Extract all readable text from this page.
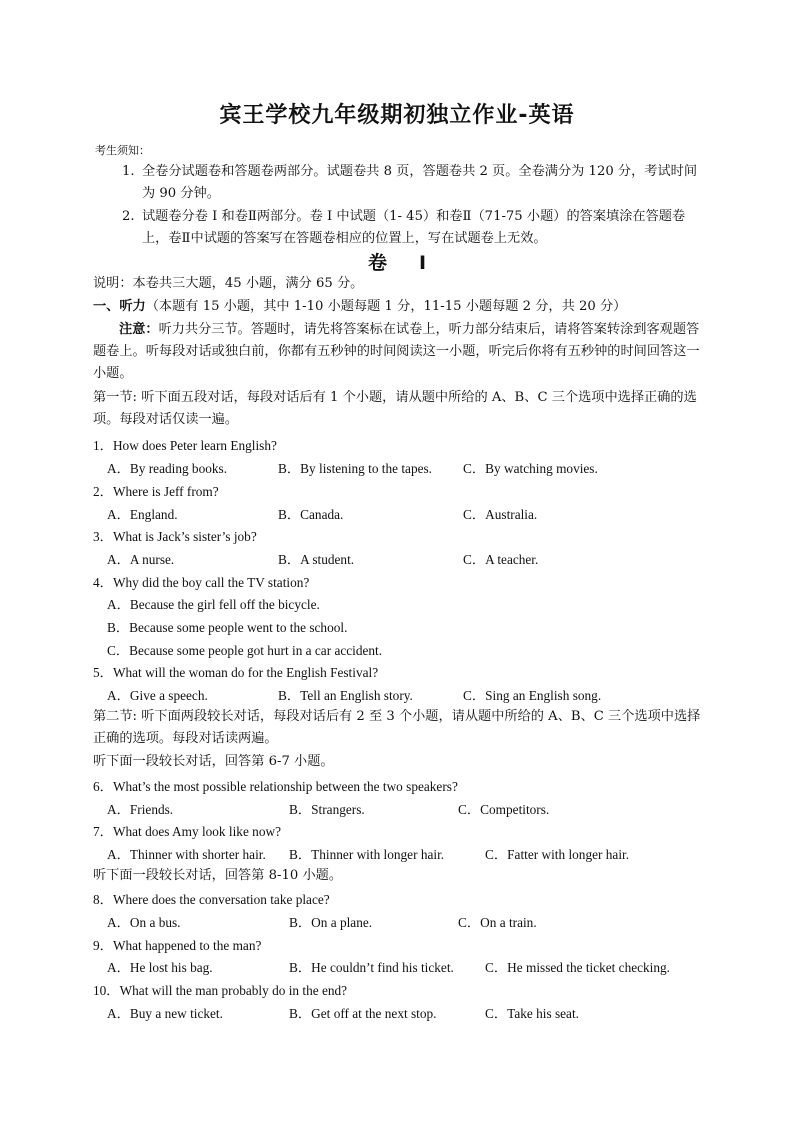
宾王学校九年级期初独立作业-英语
考生须知：
1. 全卷分试题卷和答题卷两部分。试题卷共 8 页，答题卷共 2 页。全卷满分为 120 分，考试时间为 90 分钟。
2. 试题卷分卷 I 和卷Ⅱ两部分。卷 I 中试题（1- 45）和卷Ⅱ（71-75 小题）的答案填涂在答题卷上，卷Ⅱ中试题的答案写在答题卷相应的位置上，写在试题卷上无效。
卷 I
说明：本卷共三大题，45 小题，满分 65 分。
一、听力（本题有 15 小题，其中 1-10 小题每题 1 分，11-15 小题每题 2 分，共 20 分）
注意：听力共分三节。答题时，请先将答案标在试卷上，听力部分结束后，请将答案转涂到客观题答题卷上。听每段对话或独白前，你都有五秒钟的时间阅读这一小题，听完后你将有五秒钟的时间回答这一小题。
第一节: 听下面五段对话，每段对话后有 1 个小题，请从题中所给的 A、B、C 三个选项中选择正确的选项。每段对话仅读一遍。
1．How does Peter learn English?
A．By reading books.	B．By listening to the tapes. C．By watching movies.
2．Where is Jeff from?
A．England.	B．Canada.	C．Australia.
3．What is Jack’s sister’s job?
A．A nurse.	B．A student.	C．A teacher.
4．Why did the boy call the TV station?
A．Because the girl fell off the bicycle.
B．Because some people went to the school.
C．Because some people got hurt in a car accident.
5．What will the woman do for the English Festival?
A．Give a speech.	B．Tell an English story.	C．Sing an English song.
第二节: 听下面两段较长对话，每段对话后有 2 至 3 个小题，请从题中所给的 A、B、C 三个选项中选择正确的选项。每段对话读两遍。
听下面一段较长对话，回答第 6-7 小题。
6．What’s the most possible relationship between the two speakers?
A．Friends.	B．Strangers.	C．Competitors.
7．What does Amy look like now?
A．Thinner with shorter hair. B．Thinner with longer hair.	C．Fatter with longer hair.
听下面一段较长对话，回答第 8-10 小题。
8．Where does the conversation take place?
A．On a bus.	B．On a plane.	C．On a train.
9．What happened to the man?
A．He lost his bag.	B．He couldn’t find his ticket. C．He missed the ticket checking.
10．What will the man probably do in the end?
A．Buy a new ticket.	B．Get off at the next stop.	C．Take his seat.
